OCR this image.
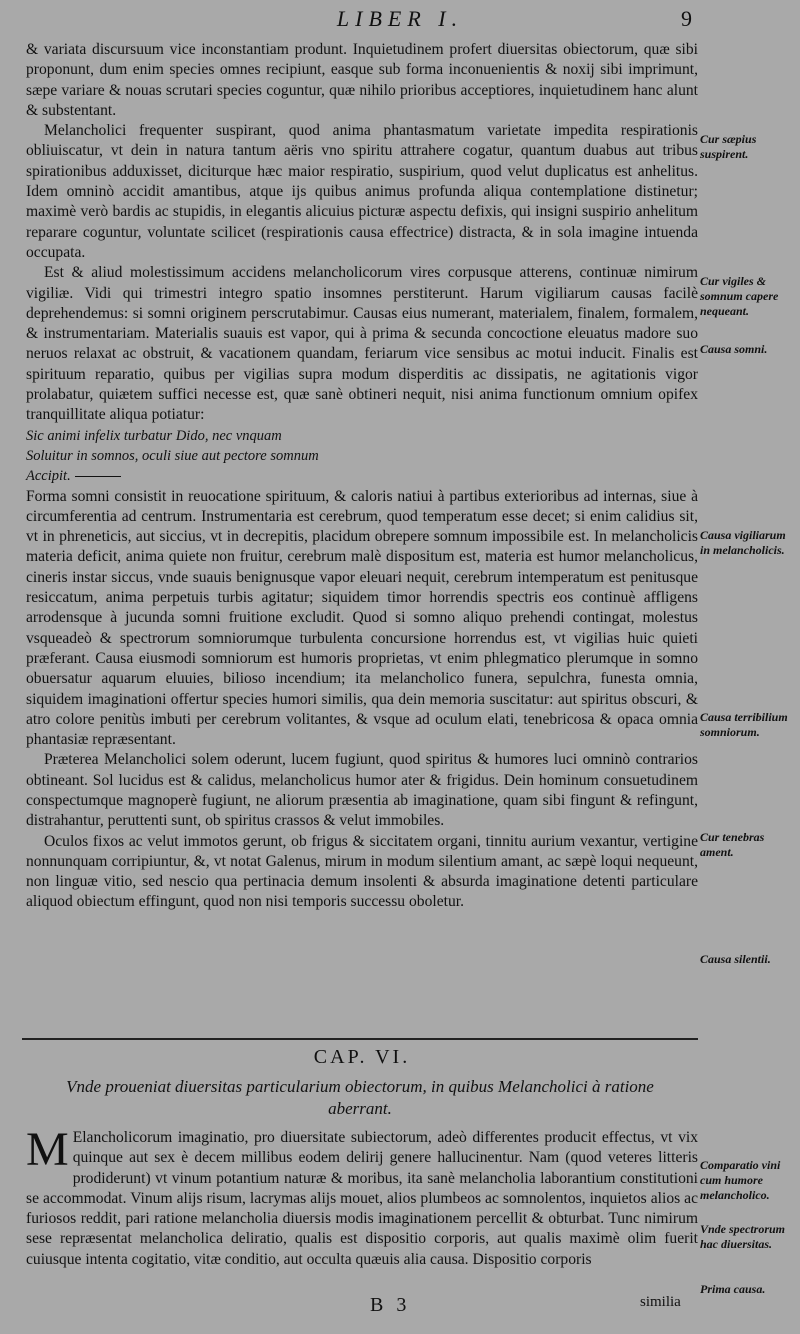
LIBER I.	9

& variata discursuum vice inconstantiam produnt. Inquietudinem profert diuersitas obiectorum, quæ sibi proponunt, dum enim species omnes recipiunt, easque sub forma inconuenientis & noxij sibi imprimunt, sæpe variare & nouas scrutari species coguntur, quæ nihilo prioribus acceptiores, inquietudinem hanc alunt & substentant.

Melancholici frequenter suspirant, quod anima phantasmatum varietate impedita respirationis obliuiscatur, vt dein in natura tantum aëris vno spiritu attrahere cogatur, quantum duabus aut tribus spirationibus adduxisset, diciturque hæc maior respiratio, suspirium, quod velut duplicatus est anhelitus. Idem omninò accidit amantibus, atque ijs quibus animus profunda aliqua contemplatione distinetur; maximè verò bardis ac stupidis, in elegantis alicuius picturæ aspectu defixis, qui insigni suspirio anhelitum reparare coguntur, voluntate scilicet (respirationis causa effectrice) distracta, & in sola imagine intuenda occupata.

Est & aliud molestissimum accidens melancholicorum vires corpusque atterens, continuæ nimirum vigiliæ. Vidi qui trimestri integro spatio insomnes perstiterunt. Harum vigiliarum causas facilè deprehendemus: si somni originem perscrutabimur. Causas eius numerant, materialem, finalem, formalem, & instrumentariam. Materialis suauis est vapor, qui à prima & secunda concoctione eleuatus madore suo neruos relaxat ac obstruit, & vacationem quandam, feriarum vice sensibus ac motui inducit. Finalis est spirituum reparatio, quibus per vigilias supra modum disperditis ac dissipatis, ne agitationis vigor prolabatur, quiætem suffici necesse est, quæ sanè obtineri nequit, nisi anima functionum omnium opifex tranquillitate aliqua potiatur:

Sic animi infelix turbatur Dido, nec vnquam
Soluitur in somnos, oculi siue aut pectore somnum
Accipit.

Forma somni consistit in reuocatione spirituum, & caloris natiui à partibus exterioribus ad internas, siue à circumferentia ad centrum. Instrumentaria est cerebrum, quod temperatum esse decet; si enim calidius sit, vt in phreneticis, aut siccius, vt in decrepitis, placidum obrepere somnum impossibile est. In melancholicis materia deficit, anima quiete non fruitur, cerebrum malè dispositum est, materia est humor melancholicus, cineris instar siccus, vnde suauis benignusque vapor eleuari nequit, cerebrum intemperatum est penitusque resiccatum, anima perpetuis turbis agitatur; siquidem timor horrendis spectris eos continuè affligens arrodensque à jucunda somni fruitione excludit. Quod si somno aliquo prehendi contingat, molestus vsqueadeò & spectrorum somniorumque turbulenta concursione horrendus est, vt vigilias huic quieti præferant. Causa eiusmodi somniorum est humoris proprietas, vt enim phlegmatico plerumque in somno obuersatur aquarum eluuies, bilioso incendium; ita melancholico funera, sepulchra, funesta omnia, siquidem imaginationi offertur species humori similis, qua dein memoria suscitatur: aut spiritus obscuri, & atro colore penitùs imbuti per cerebrum volitantes, & vsque ad oculum elati, tenebricosa & opaca omnia phantasiæ repræsentant.

Præterea Melancholici solem oderunt, lucem fugiunt, quod spiritus & humores luci omninò contrarios obtineant. Sol lucidus est & calidus, melancholicus humor ater & frigidus. Dein hominum consuetudinem conspectumque magnoperè fugiunt, ne aliorum præsentia ab imaginatione, quam sibi fingunt & refingunt, distrahantur, peruttenti sunt, ob spiritus crassos & velut immobiles.

Oculos fixos ac velut immotos gerunt, ob frigus & siccitatem organi, tinnitu aurium vexantur, vertigine nonnunquam corripiuntur, &, vt notat Galenus, mirum in modum silentium amant, ac sæpè loqui nequeunt, non linguæ vitio, sed nescio qua pertinacia demum insolenti & absurda imaginatione detenti particulare aliquod obiectum effingunt, quod non nisi temporis successu oboletur.

Cur sæpius suspirent.
Cur vigiles & somnum capere nequeant.
Causa somni.
Causa vigiliarum in melancholicis.
Causa terribilium somniorum.
Cur tenebras ament.
Causa silentii.
Comparatio vini cum humore melancholico.
Vnde spectrorum hac diuersitas.
Prima causa.
CAP. VI.
Vnde proueniat diuersitas particularium obiectorum, in quibus Melancholici à ratione aberrant.
M Elancholicorum imaginatio, pro diuersitate subiectorum, adeò differentes producit effectus, vt vix quinque aut sex è decem millibus eodem delirij genere hallucinentur. Nam (quod veteres litteris prodiderunt) vt vinum potantium naturæ & moribus, ita sanè melancholia laborantium constitutioni se accommodat. Vinum alijs risum, lacrymas alijs mouet, alios plumbeos ac somnolentos, inquietos alios ac furiosos reddit, pari ratione melancholia diuersis modis imaginationem percellit & obturbat. Tunc nimirum sese repræsentat melancholica deliratio, qualis est dispositio corporis, aut qualis maximè olim fuerit cuiusque intenta cogitatio, vitæ conditio, aut occulta quæuis alia causa. Dispositio corporis
B 3	similia
